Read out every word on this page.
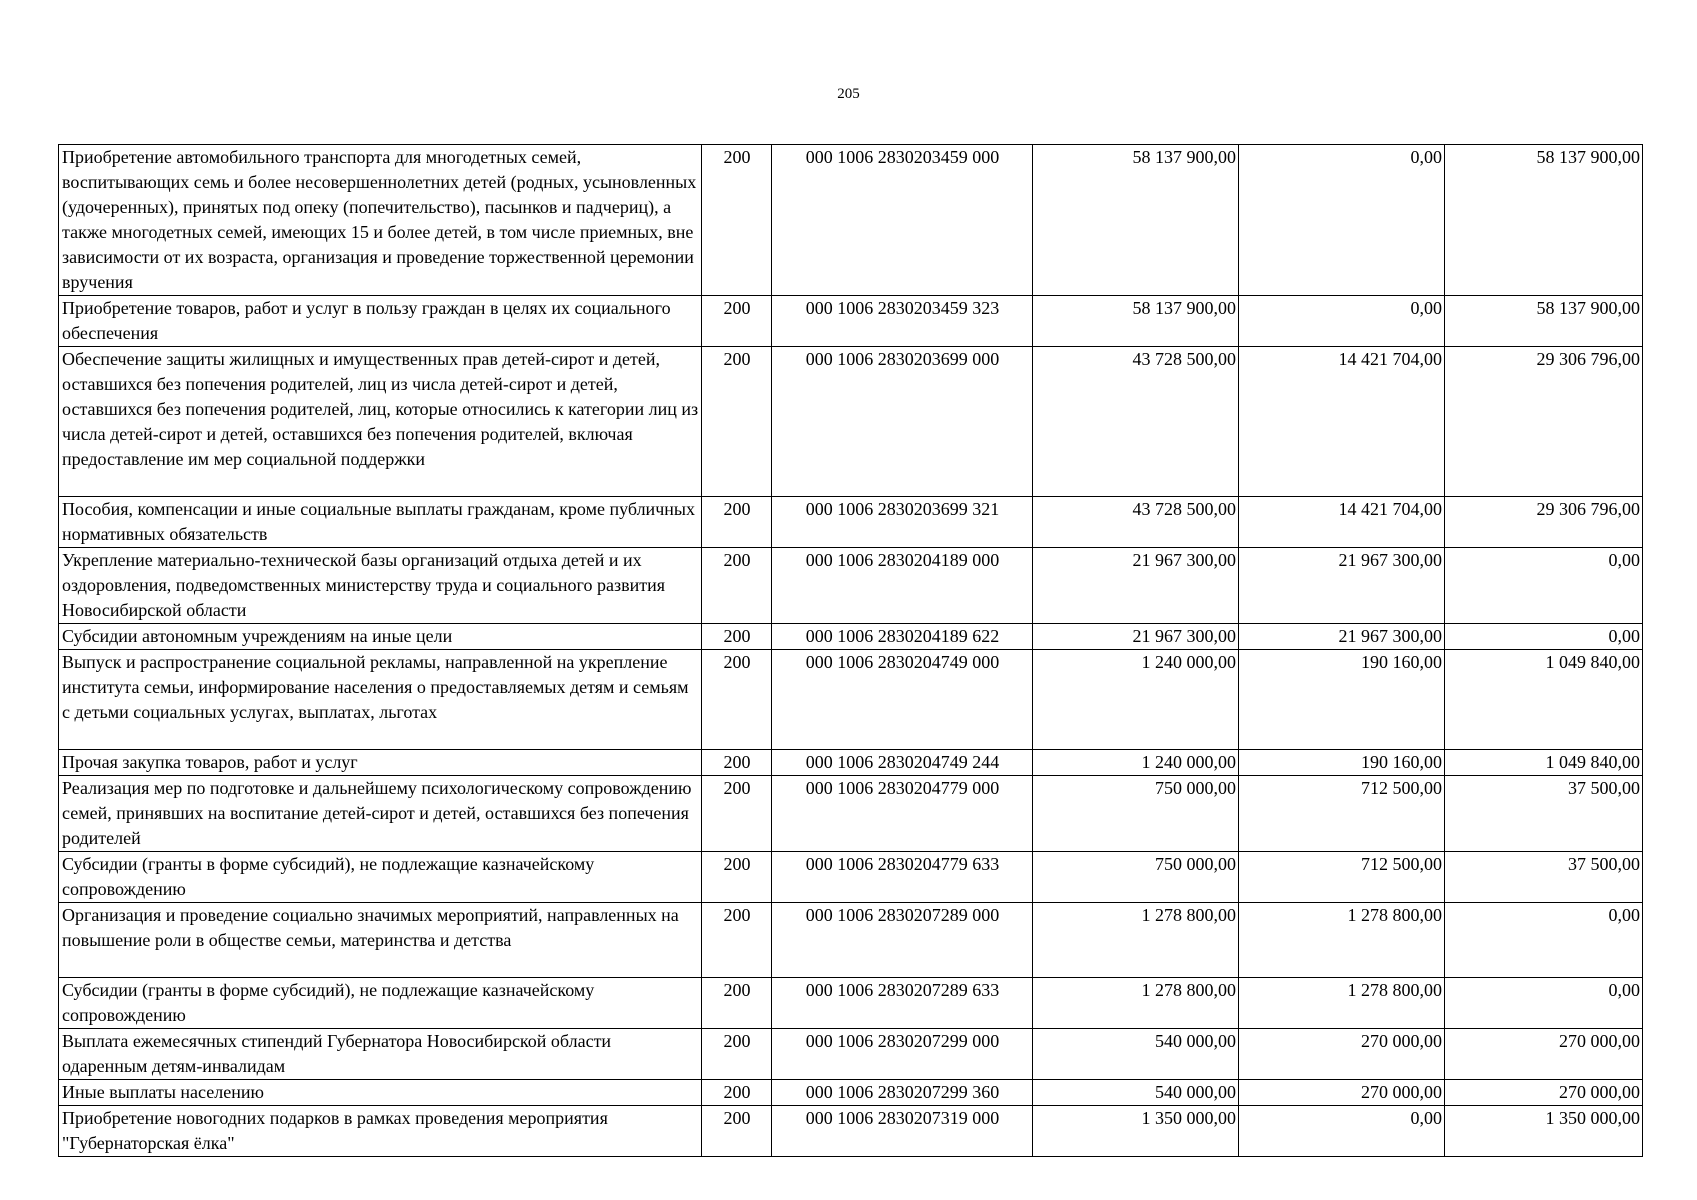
205
Приобретение автомобильного транспорта для многодетных семей, воспитывающих семь и более несовершеннолетних детей (родных, усыновленных (удочеренных), принятых под опеку (попечительство), пасынков и падчериц), а также многодетных семей, имеющих 15 и более детей, в том числе приемных, вне зависимости от их возраста, организация и проведение торжественной церемонии вручения	200	000 1006 2830203459 000	58 137 900,00	0,00	58 137 900,00
Приобретение товаров, работ и услуг в пользу граждан в целях их социального обеспечения	200	000 1006 2830203459 323	58 137 900,00	0,00	58 137 900,00
Обеспечение защиты жилищных и имущественных прав детей-сирот и детей, оставшихся без попечения родителей, лиц из числа детей-сирот и детей, оставшихся без попечения родителей, лиц, которые относились к категории лиц из числа детей-сирот и детей, оставшихся без попечения родителей, включая предоставление им мер социальной поддержки	200	000 1006 2830203699 000	43 728 500,00	14 421 704,00	29 306 796,00
Пособия, компенсации и иные социальные выплаты гражданам, кроме публичных нормативных обязательств	200	000 1006 2830203699 321	43 728 500,00	14 421 704,00	29 306 796,00
Укрепление материально-технической базы организаций отдыха детей и их оздоровления, подведомственных министерству труда и социального развития Новосибирской области	200	000 1006 2830204189 000	21 967 300,00	21 967 300,00	0,00
Субсидии автономным учреждениям на иные цели	200	000 1006 2830204189 622	21 967 300,00	21 967 300,00	0,00
Выпуск и распространение социальной рекламы, направленной на укрепление института семьи, информирование населения о предоставляемых детям и семьям с детьми социальных услугах, выплатах, льготах	200	000 1006 2830204749 000	1 240 000,00	190 160,00	1 049 840,00
Прочая закупка товаров, работ и услуг	200	000 1006 2830204749 244	1 240 000,00	190 160,00	1 049 840,00
Реализация мер по подготовке и дальнейшему психологическому сопровождению семей, принявших на воспитание детей-сирот и детей, оставшихся без попечения родителей	200	000 1006 2830204779 000	750 000,00	712 500,00	37 500,00
Субсидии (гранты в форме субсидий), не подлежащие казначейскому сопровождению	200	000 1006 2830204779 633	750 000,00	712 500,00	37 500,00
Организация и проведение социально значимых мероприятий, направленных на повышение роли в обществе семьи, материнства и детства	200	000 1006 2830207289 000	1 278 800,00	1 278 800,00	0,00
Субсидии (гранты в форме субсидий), не подлежащие казначейскому сопровождению	200	000 1006 2830207289 633	1 278 800,00	1 278 800,00	0,00
Выплата ежемесячных стипендий Губернатора Новосибирской области одаренным детям-инвалидам	200	000 1006 2830207299 000	540 000,00	270 000,00	270 000,00
Иные выплаты населению	200	000 1006 2830207299 360	540 000,00	270 000,00	270 000,00
Приобретение новогодних подарков в рамках проведения мероприятия "Губернаторская ёлка"	200	000 1006 2830207319 000	1 350 000,00	0,00	1 350 000,00
